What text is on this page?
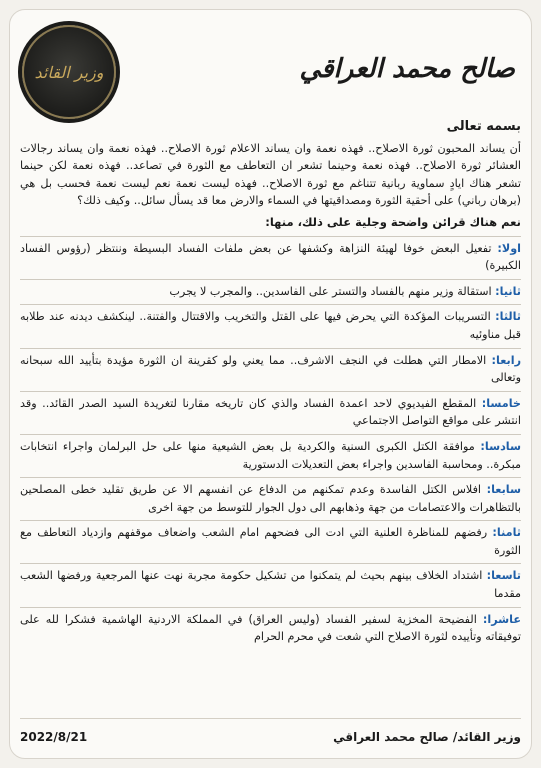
وزير القائد	صالح محمد العراقي

بسمه تعالى

أن يساند المحبون ثورة الاصلاح.. فهذه نعمة وان يساند الاعلام ثورة الاصلاح.. فهذه نعمة وان يساند رجالات العشائر ثورة الاصلاح.. فهذه نعمة وحينما تشعر ان التعاطف مع الثورة في تصاعد.. فهذه نعمة لكن حينما تشعر هناك ايادٍ سماوية ربانية تتناغم مع ثورة الاصلاح.. فهذه ليست نعمة نعم ليست نعمة فحسب بل هي (برهان رباني) على أحقية الثورة ومصداقيتها في السماء والارض معا قد يسأل سائل.. وكيف ذلك؟

نعم هناك قرائن واضحة وجلية على ذلك، منها:

اولا: تفعيل البعض خوفا لهيئة النزاهة وكشفها عن بعض ملفات الفساد البسيطة وننتظر (رؤوس الفساد الكبيرة)

ثانيا: استقالة وزير منهم بالفساد والتستر على الفاسدين.. والمجرب لا يجرب

ثالثا: التسريبات المؤكدة التي يحرض فيها على القتل والتخريب والاقتتال والفتنة.. لينكشف ديدنه عند طلابه قبل مناوئيه

رابعا: الامطار التي هطلت في النجف الاشرف.. مما يعني ولو كقرينة ان الثورة مؤيدة بتأييد الله سبحانه وتعالى

خامسا: المقطع الفيديوي لاحد اعمدة الفساد والذي كان تاريخه مقارنا لتغريدة السيد الصدر القائد.. وقد انتشر على مواقع التواصل الاجتماعي

سادسا: موافقة الكتل الكبرى السنية والكردية بل بعض الشيعية منها على حل البرلمان واجراء انتخابات مبكرة.. ومحاسبة الفاسدين واجراء بعض التعديلات الدستورية

سابعا: افلاس الكتل الفاسدة وعدم تمكنهم من الدفاع عن انفسهم الا عن طريق تقليد خطى المصلحين بالتظاهرات والاعتصامات من جهة وذهابهم الى دول الجوار للتوسط من جهة اخرى

ثامنا: رفضهم للمناظرة العلنية التي ادت الى فضحهم امام الشعب واضعاف موقفهم وازدياد التعاطف مع الثورة

تاسعا: اشتداد الخلاف بينهم بحيث لم يتمكنوا من تشكيل حكومة مجربة نهت عنها المرجعية ورفضها الشعب مقدما

عاشرا: الفضيحة المخزية لسفير الفساد (وليس العراق) في المملكة الاردنية الهاشمية فشكرا لله على توفيقاته وتأييده لثورة الاصلاح التي شعت في محرم الحرام

2022/8/21	وزير القائد/ صالح محمد العراقي
